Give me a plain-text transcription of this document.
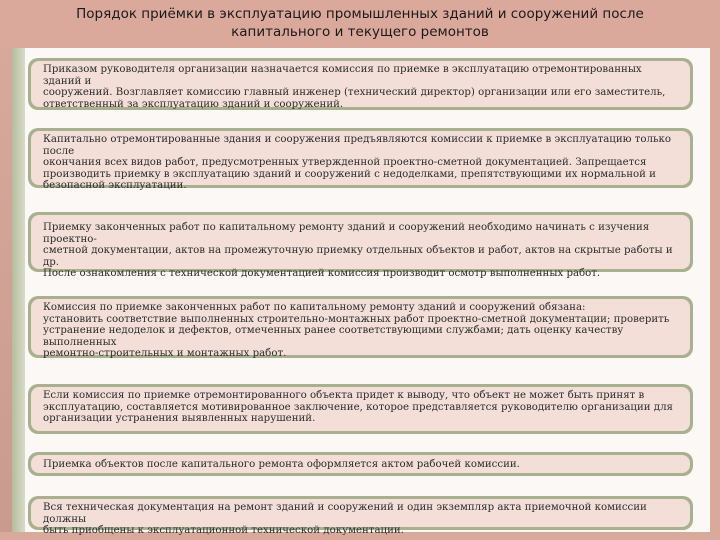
Порядок приёмки в эксплуатацию промышленных зданий и сооружений после
капитального и текущего ремонтов

Приказом руководителя организации назначается комиссия по приемке в эксплуатацию отремонтированных зданий и

сооружений. Возглавляет комиссию главный инженер (технический директор) организации или его заместитель,

ответственный за эксплуатацию зданий и сооружений.

Капитально отремонтированные здания и сооружения предъявляются комиссии к приемке в эксплуатацию только после

окончания всех видов работ, предусмотренных утвержденной проектно-сметной документацией. Запрещается

производить приемку в эксплуатацию зданий и сооружений с недоделками, препятствующими их нормальной и

безопасной эксплуатации.

Приемку законченных работ по капитальному ремонту зданий и сооружений необходимо начинать с изучения проектно-

сметной документации, актов на промежуточную приемку отдельных объектов и работ, актов на скрытые работы и др.

После ознакомления с технической документацией комиссия производит осмотр выполненных работ.

Комиссия по приемке законченных работ по капитальному ремонту зданий и сооружений обязана:

установить соответствие выполненных строительно-монтажных работ проектно-сметной документации; проверить

устранение недоделок и дефектов, отмеченных ранее соответствующими службами; дать оценку качеству выполненных

ремонтно-строительных и монтажных работ.

Если комиссия по приемке отремонтированного объекта придет к выводу, что объект не может быть принят в

эксплуатацию, составляется мотивированное заключение, которое представляется руководителю организации для

организации устранения выявленных нарушений.

Приемка объектов после капитального ремонта оформляется актом рабочей комиссии.

Вся техническая документация на ремонт зданий и сооружений и один экземпляр акта приемочной комиссии должны

быть приобщены к эксплуатационной технической документации.
